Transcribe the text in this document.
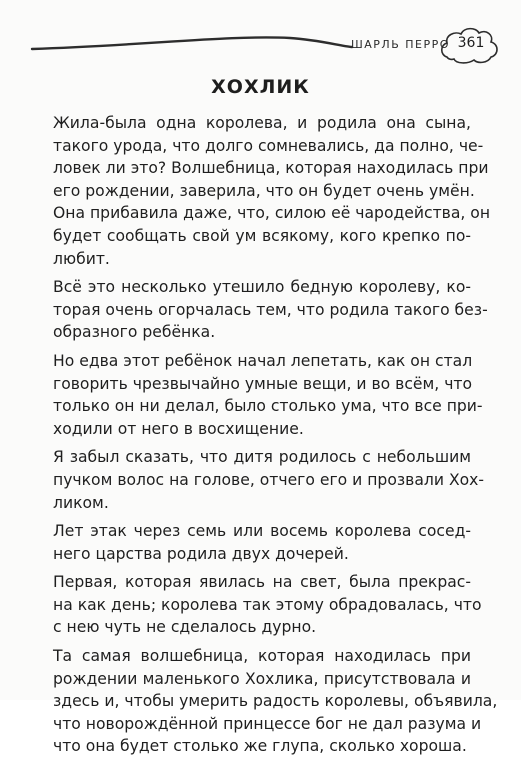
ШАРЛЬ ПЕРРО 361
ХОХЛИК

Жила-была одна королева, и родила она сына,
такого урода, что долго сомневались, да полно, че-
ловек ли это? Волшебница, которая находилась при
его рождении, заверила, что он будет очень умён.
Она прибавила даже, что, силою её чародейства, он
будет сообщать свой ум всякому, кого крепко по-
любит.

Всё это несколько утешило бедную королеву, ко-
торая очень огорчалась тем, что родила такого без-
образного ребёнка.

Но едва этот ребёнок начал лепетать, как он стал
говорить чрезвычайно умные вещи, и во всём, что
только он ни делал, было столько ума, что все при-
ходили от него в восхищение.

Я забыл сказать, что дитя родилось с небольшим
пучком волос на голове, отчего его и прозвали Хох-
ликом.

Лет этак через семь или восемь королева сосед-
него царства родила двух дочерей.

Первая, которая явилась на свет, была прекрас-
на как день; королева так этому обрадовалась, что
с нею чуть не сделалось дурно.

Та самая волшебница, которая находилась при
рождении маленького Хохлика, присутствовала и
здесь и, чтобы умерить радость королевы, объявила,
что новорождённой принцессе бог не дал разума и
что она будет столько же глупа, сколько хороша.
